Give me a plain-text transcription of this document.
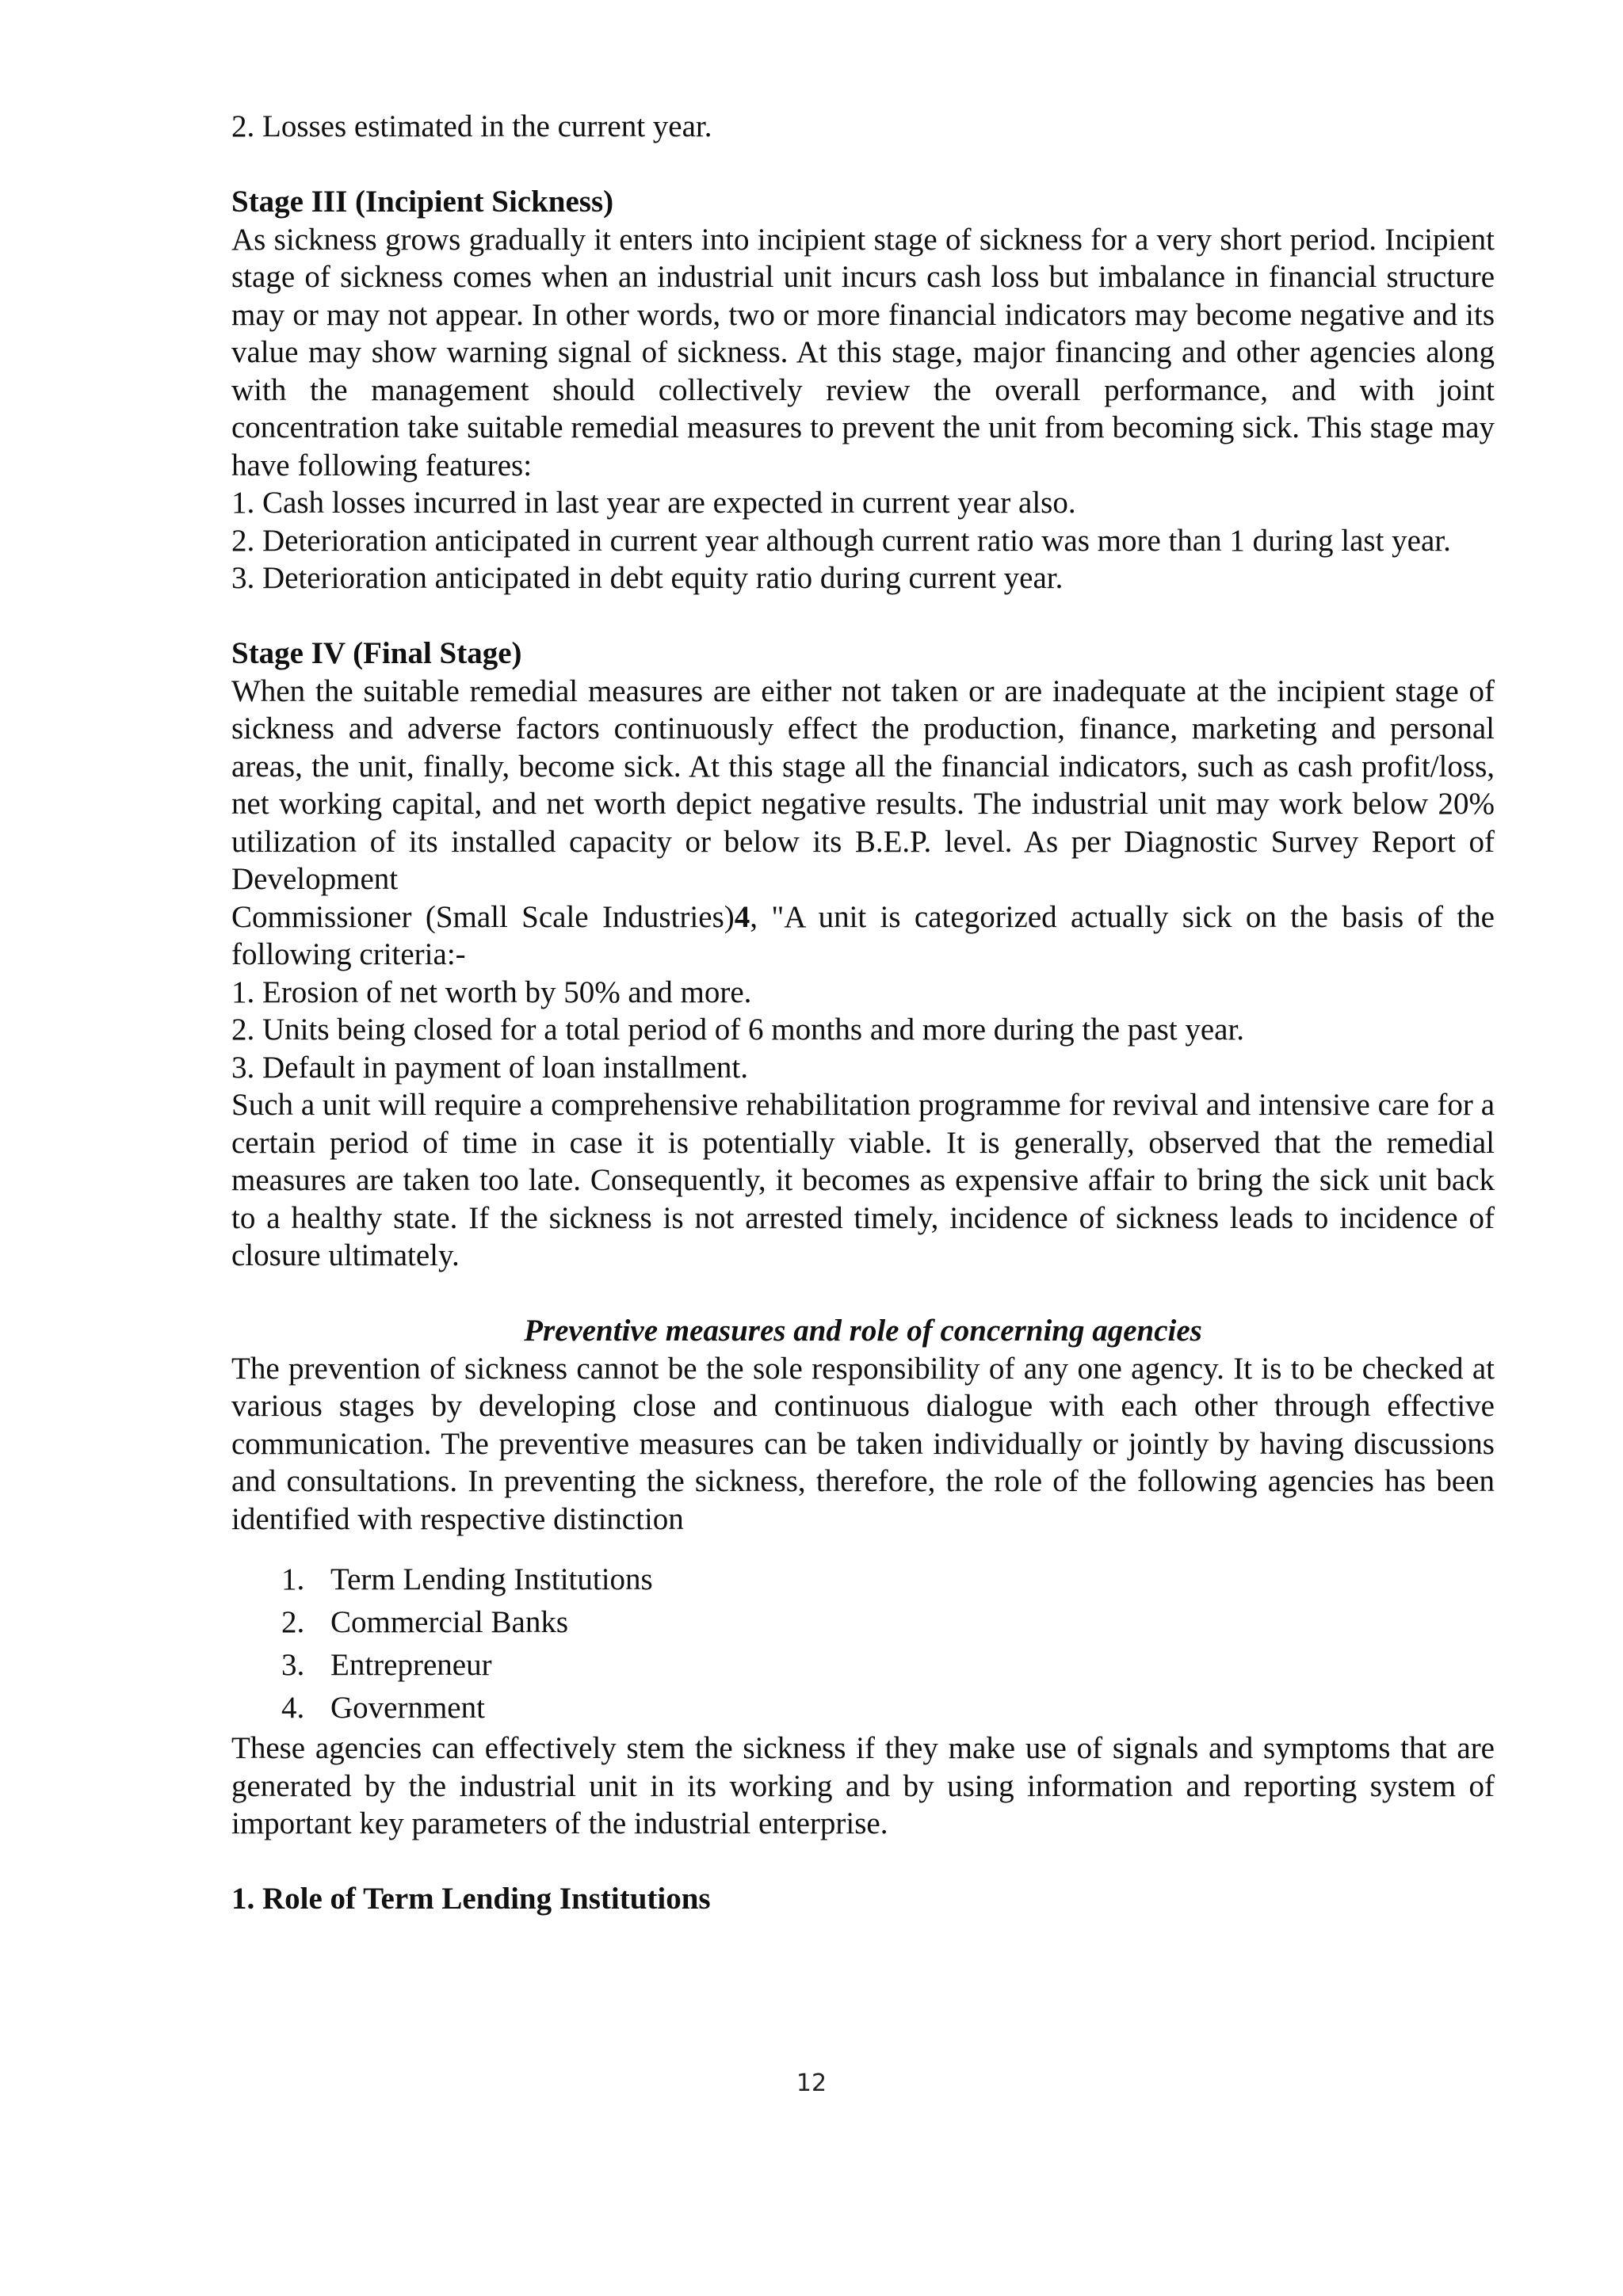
2. Losses estimated in the current year.

Stage III (Incipient Sickness)

As sickness grows gradually it enters into incipient stage of sickness for a very short period. Incipient stage of sickness comes when an industrial unit incurs cash loss but imbalance in financial structure may or may not appear. In other words, two or more financial indicators may become negative and its value may show warning signal of sickness. At this stage, major financing and other agencies along with the management should collectively review the overall performance, and with joint concentration take suitable remedial measures to prevent the unit from becoming sick. This stage may have following features:

1. Cash losses incurred in last year are expected in current year also.

2. Deterioration anticipated in current year although current ratio was more than 1 during last year.

3. Deterioration anticipated in debt equity ratio during current year.

Stage IV (Final Stage)

When the suitable remedial measures are either not taken or are inadequate at the incipient stage of sickness and adverse factors continuously effect the production, finance, marketing and personal areas, the unit, finally, become sick. At this stage all the financial indicators, such as cash profit/loss, net working capital, and net worth depict negative results. The industrial unit may work below 20% utilization of its installed capacity or below its B.E.P. level. As per Diagnostic Survey Report of Development

Commissioner (Small Scale Industries)4, "A unit is categorized actually sick on the basis of the following criteria:-

1. Erosion of net worth by 50% and more.

2. Units being closed for a total period of 6 months and more during the past year.

3. Default in payment of loan installment.

Such a unit will require a comprehensive rehabilitation programme for revival and intensive care for a certain period of time in case it is potentially viable. It is generally, observed that the remedial measures are taken too late. Consequently, it becomes as expensive affair to bring the sick unit back to a healthy state. If the sickness is not arrested timely, incidence of sickness leads to incidence of closure ultimately.

Preventive measures and role of concerning agencies

The prevention of sickness cannot be the sole responsibility of any one agency. It is to be checked at various stages by developing close and continuous dialogue with each other through effective communication. The preventive measures can be taken individually or jointly by having discussions and consultations. In preventing the sickness, therefore, the role of the following agencies has been identified with respective distinction

1. Term Lending Institutions
2. Commercial Banks
3. Entrepreneur
4. Government

These agencies can effectively stem the sickness if they make use of signals and symptoms that are generated by the industrial unit in its working and by using information and reporting system of important key parameters of the industrial enterprise.

1. Role of Term Lending Institutions

12
